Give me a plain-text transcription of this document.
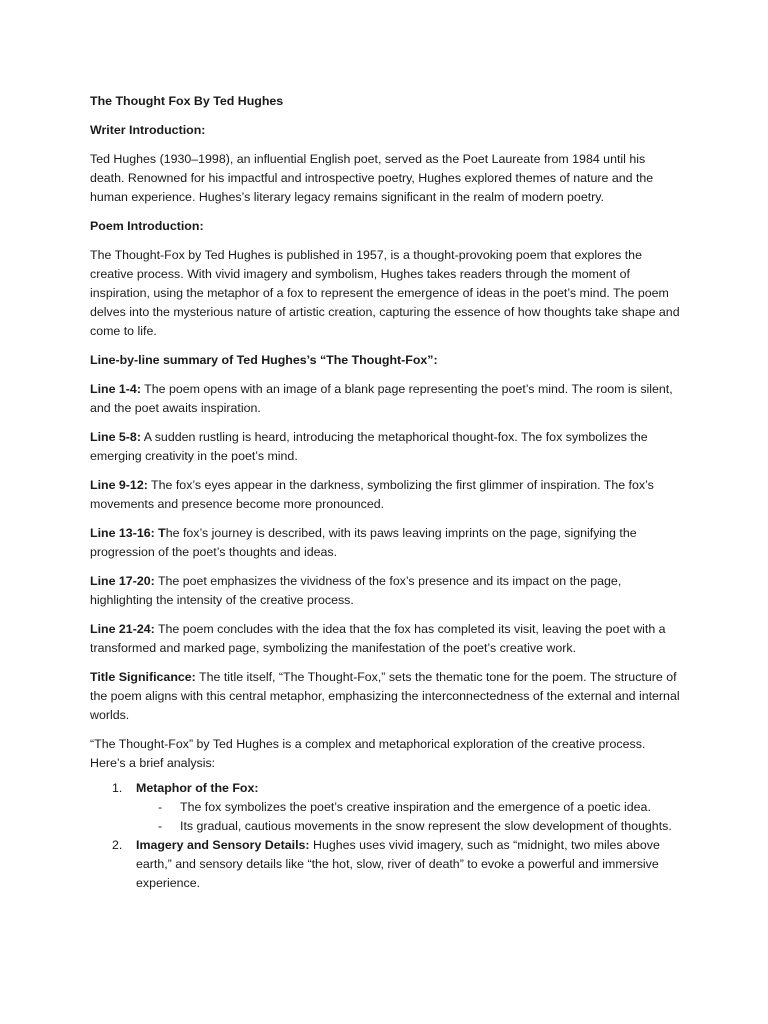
The Thought Fox By Ted Hughes

Writer Introduction:

Ted Hughes (1930–1998), an influential English poet, served as the Poet Laureate from 1984 until his death. Renowned for his impactful and introspective poetry, Hughes explored themes of nature and the human experience. Hughes’s literary legacy remains significant in the realm of modern poetry.

Poem Introduction:

The Thought-Fox by Ted Hughes is published in 1957, is a thought-provoking poem that explores the creative process. With vivid imagery and symbolism, Hughes takes readers through the moment of inspiration, using the metaphor of a fox to represent the emergence of ideas in the poet’s mind. The poem delves into the mysterious nature of artistic creation, capturing the essence of how thoughts take shape and come to life.

Line-by-line summary of Ted Hughes’s “The Thought-Fox”:

Line 1-4: The poem opens with an image of a blank page representing the poet’s mind. The room is silent, and the poet awaits inspiration.

Line 5-8: A sudden rustling is heard, introducing the metaphorical thought-fox. The fox symbolizes the emerging creativity in the poet’s mind.

Line 9-12: The fox’s eyes appear in the darkness, symbolizing the first glimmer of inspiration. The fox’s movements and presence become more pronounced.

Line 13-16: The fox’s journey is described, with its paws leaving imprints on the page, signifying the progression of the poet’s thoughts and ideas.

Line 17-20: The poet emphasizes the vividness of the fox’s presence and its impact on the page, highlighting the intensity of the creative process.

Line 21-24: The poem concludes with the idea that the fox has completed its visit, leaving the poet with a transformed and marked page, symbolizing the manifestation of the poet’s creative work.

Title Significance: The title itself, “The Thought-Fox,” sets the thematic tone for the poem. The structure of the poem aligns with this central metaphor, emphasizing the interconnectedness of the external and internal worlds.

“The Thought-Fox” by Ted Hughes is a complex and metaphorical exploration of the creative process. Here’s a brief analysis:

1. Metaphor of the Fox:
- The fox symbolizes the poet’s creative inspiration and the emergence of a poetic idea.
- Its gradual, cautious movements in the snow represent the slow development of thoughts.
2. Imagery and Sensory Details: Hughes uses vivid imagery, such as “midnight, two miles above earth,” and sensory details like “the hot, slow, river of death” to evoke a powerful and immersive experience.
